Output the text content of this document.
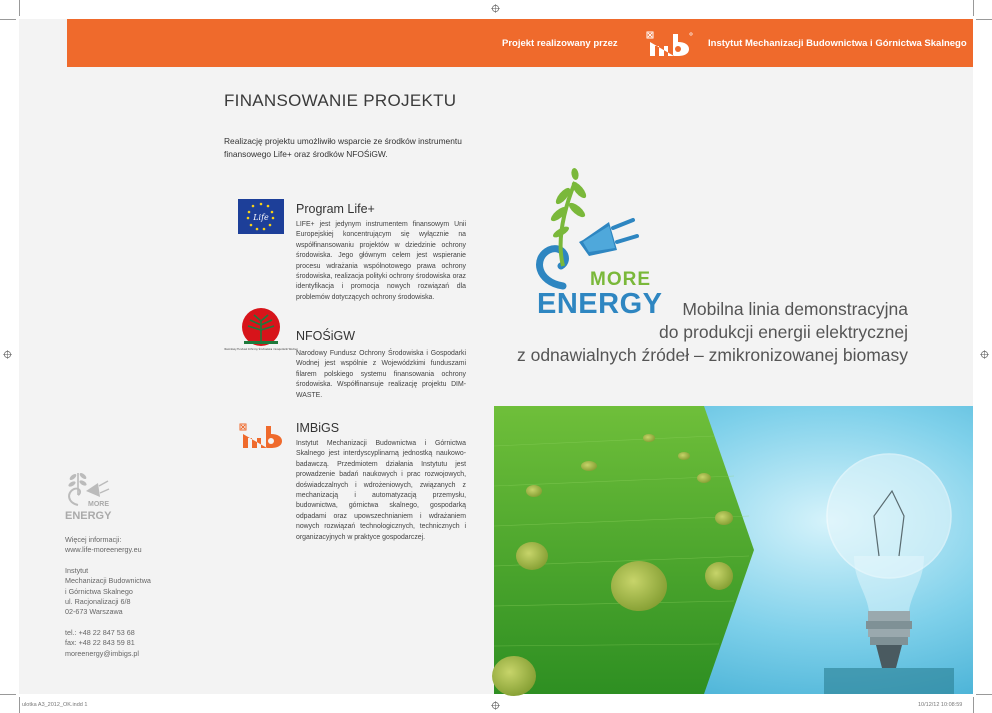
Projekt realizowany przez	Instytut Mechanizacji Budownictwa i Górnictwa Skalnego
FINANSOWANIE PROJEKTU
Realizację projektu umożliwiło wsparcie ze środków instrumentu finansowego Life+ oraz środków NFOŚiGW.
Life
Program Life+
LIFE+ jest jedynym instrumentem finansowym Unii Europejskiej koncentrującym się wyłącznie na współfinansowaniu projektów w dziedzinie ochrony środowiska. Jego głównym celem jest wspieranie procesu wdrażania wspólnotowego prawa ochrony środowiska, realizacja polityki ochrony środowiska oraz identyfikacja i promocja nowych rozwiązań dla problemów dotyczących ochrony środowiska.
Narodowy Fundusz Ochrony Środowiska i Gospodarki Wodnej
NFOŚiGW
Narodowy Fundusz Ochrony Środowiska i Gospodarki Wodnej jest wspólnie z Wojewódzkimi funduszami filarem polskiego systemu finansowania ochrony środowiska. Współfinansuje realizację projektu DIM-WASTE.
IMBiGS
Instytut Mechanizacji Budownictwa i Górnictwa Skalnego jest interdyscyplinarną jednostką naukowo-badawczą. Przedmiotem działania Instytutu jest prowadzenie badań naukowych i prac rozwojowych, doświadczalnych i wdrożeniowych, związanych z mechanizacją i automatyzacją przemysłu, budownictwa, górnictwa skalnego, gospodarką odpadami oraz upowszechnianiem i wdrażaniem nowych rozwiązań technologicznych, technicznych i organizacyjnych w praktyce gospodarczej.
MORE
ENERGY
Więcej informacji:
www.life-moreenergy.eu
Instytut
Mechanizacji Budownictwa
i Górnictwa Skalnego
ul. Racjonalizacji 6/8
02-673 Warszawa
tel.: +48 22 847 53 68
fax: +48 22 843 59 81
moreenergy@imbigs.pl
MORE
ENERGY	Mobilna linia demonstracyjna
do produkcji energii elektrycznej
z odnawialnych źródeł – zmikronizowanej biomasy
ulotka A3_2012_OK.indd 1	10/12/12 10:08:59
